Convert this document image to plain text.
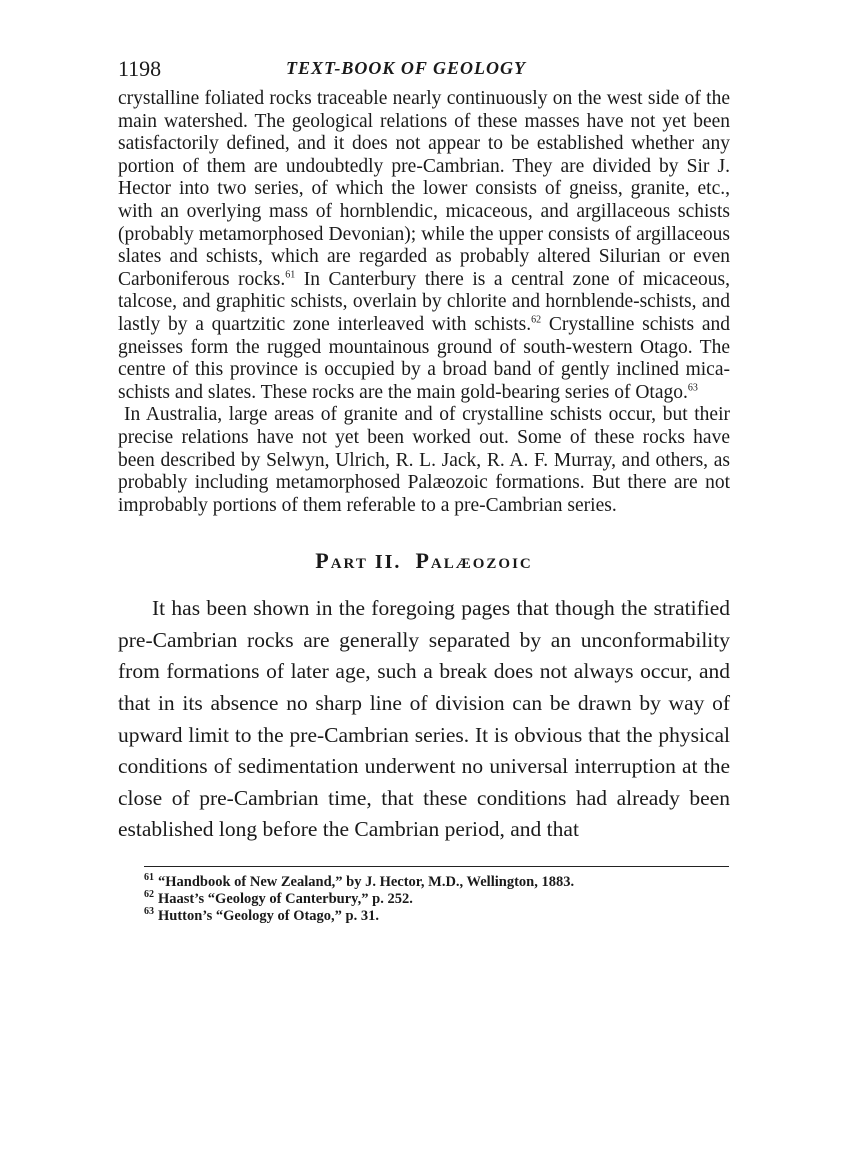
1198	TEXT-BOOK OF GEOLOGY

crystalline foliated rocks traceable nearly continuously on the west side of the main watershed. The geological relations of these masses have not yet been satisfactorily defined, and it does not appear to be established whether any portion of them are undoubtedly pre-Cambrian. They are divided by Sir J. Hector into two series, of which the lower consists of gneiss, granite, etc., with an overlying mass of hornblendic, micaceous, and argillaceous schists (probably metamorphosed Devonian); while the upper consists of argillaceous slates and schists, which are regarded as probably altered Silurian or even Carboniferous rocks.$^{61}$ In Canterbury there is a central zone of micaceous, talcose, and graphitic schists, overlain by chlorite and hornblende-schists, and lastly by a quartzitic zone interleaved with schists.$^{62}$ Crystalline schists and gneisses form the rugged mountainous ground of south-western Otago. The centre of this province is occupied by a broad band of gently inclined mica-schists and slates. These rocks are the main gold-bearing series of Otago.$^{63}$

In Australia, large areas of granite and of crystalline schists occur, but their precise relations have not yet been worked out. Some of these rocks have been described by Selwyn, Ulrich, R. L. Jack, R. A. F. Murray, and others, as probably including metamorphosed Palæozoic formations. But there are not improbably portions of them referable to a pre-Cambrian series.

PART II. PALÆOZOIC

It has been shown in the foregoing pages that though the stratified pre-Cambrian rocks are generally separated by an unconformability from formations of later age, such a break does not always occur, and that in its absence no sharp line of division can be drawn by way of upward limit to the pre-Cambrian series. It is obvious that the physical conditions of sedimentation underwent no universal interruption at the close of pre-Cambrian time, that these conditions had already been established long before the Cambrian period, and that

$^{61}$ “Handbook of New Zealand,” by J. Hector, M.D., Wellington, 1883.
$^{62}$ Haast’s “Geology of Canterbury,” p. 252.
$^{63}$ Hutton’s “Geology of Otago,” p. 31.
